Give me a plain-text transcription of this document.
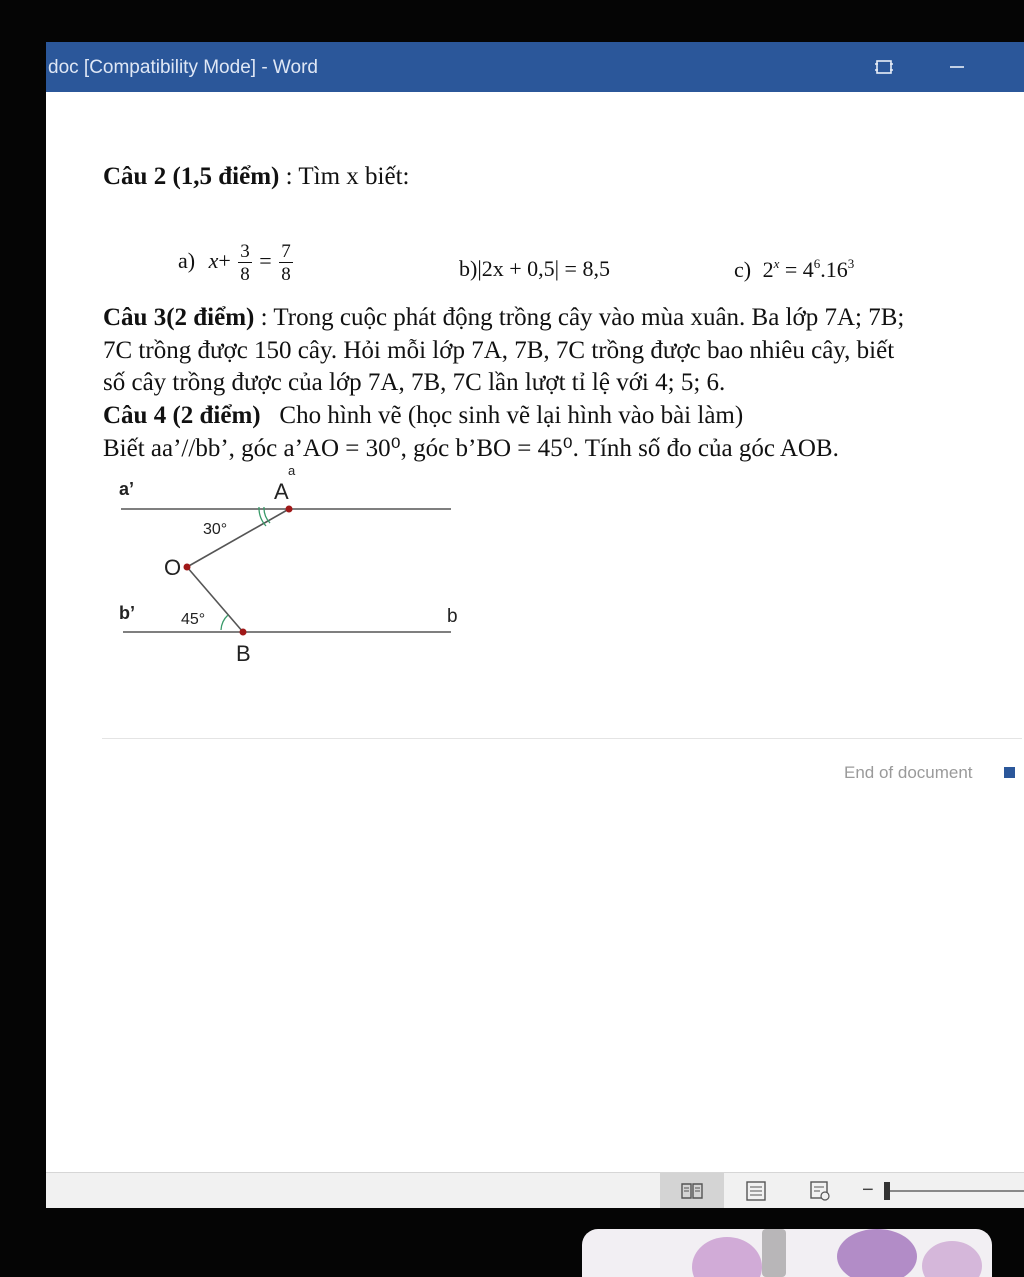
doc [Compatibility Mode] - Word
Câu 2 (1,5 điểm) : Tìm x biết:
a) $x+ \frac{3}{8} = \frac{7}{8}$	b)|2x + 0,5| = 8,5	c) $2^x = 4^6.16^3$
Câu 3(2 điểm) : Trong cuộc phát động trồng cây vào mùa xuân. Ba lớp 7A; 7B;
7C trồng được 150 cây. Hỏi mỗi lớp 7A, 7B, 7C trồng được bao nhiêu cây, biết
số cây trồng được của lớp 7A, 7B, 7C lần lượt tỉ lệ với 4; 5; 6.
Câu 4 (2 điểm)   Cho hình vẽ (học sinh vẽ lại hình vào bài làm)
Biết aa’//bb’, góc a’AO = 30⁰, góc b’BO = 45⁰. Tính số đo của góc AOB.
a’	A
a
30°
O
b’	45°	b
B
End of document
−
